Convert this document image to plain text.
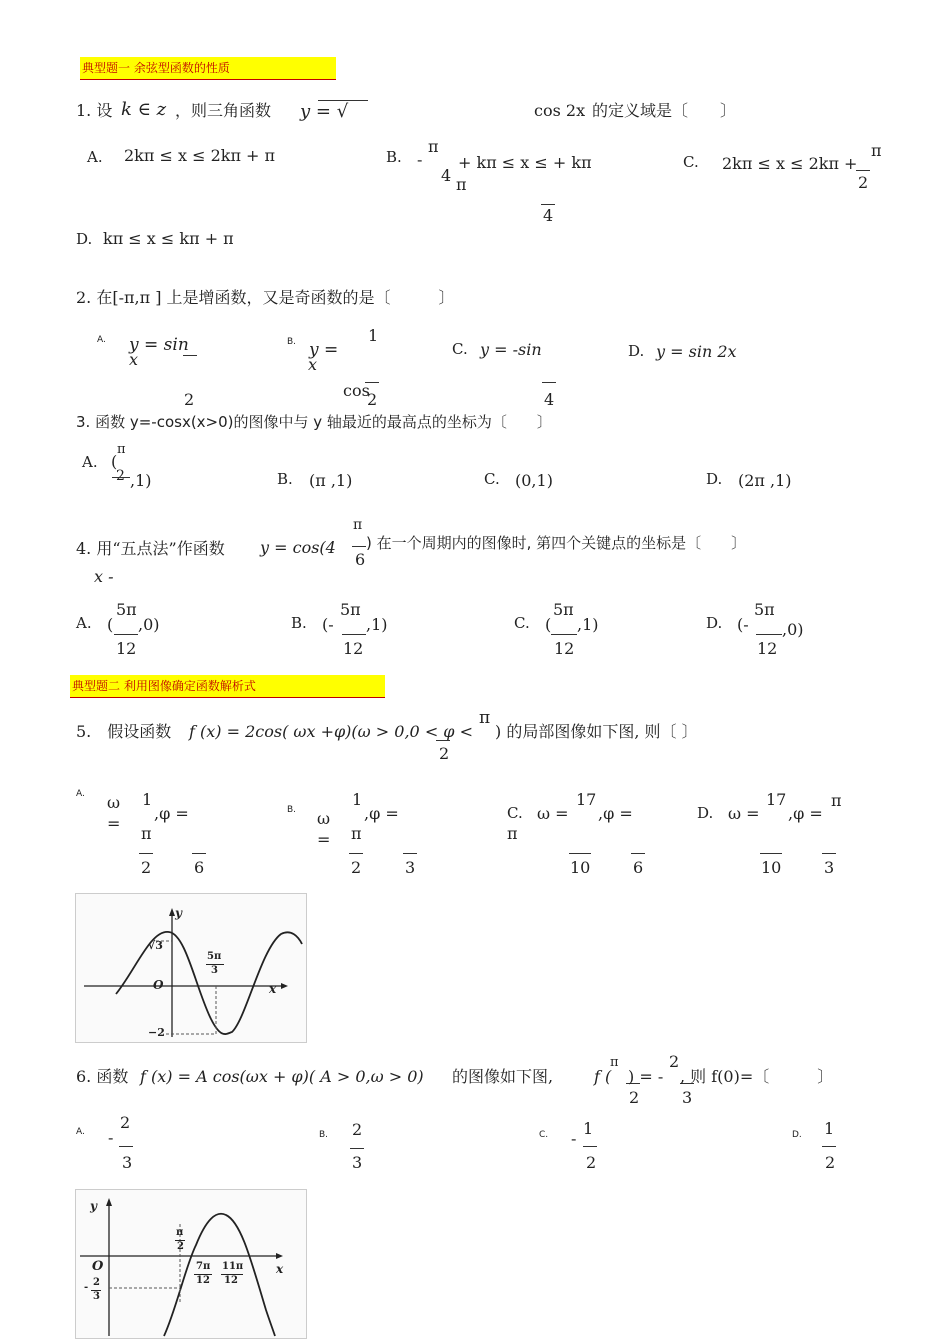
典型题一 余弦型函数的性质
1. 设 k ∈ z ，则三角函数 y = √	cos 2x 的定义域是〔　　〕
A. 2kπ ≤ x ≤ 2kπ + π	B. -
π
4 π
+ kπ ≤ x ≤ + kπ
4
C. 2kπ ≤ x ≤ 2kπ +
π
2
D. kπ ≤ x ≤ kπ + π
2. 在[-π,π ] 上是增函数，又是奇函数的是〔　　　〕
A. y = sin
x
2
B. y =
1
x
cos
2
C. y = -sin
4
D. y = sin 2x
3. 函数 y=-cosx(x>0)的图像中与 y 轴最近的最高点的坐标为〔　　〕
A. (
π
2 ,1)	B. (π ,1)	C. (0,1)	D. (2π ,1)
4. 用“五点法”作函数 y = cos(4
π
6
) 在一个周期内的图像时, 第四个关键点的坐标是〔　　〕
x -
A. (
5π
,0)
12
B. (-
5π
,1)
12
C. (
5π
,1)
12
D. (-
5π
,0)
12
典型题二 利用图像确定函数解析式
5.　假设函数 f (x) = 2cos( ωx +φ)(ω > 0,0 < φ <
π
2
) 的局部图像如下图, 则〔 〕
A. ω =
1
,φ =
π
2	6
B. ω =
1
,φ =
π
2	3
C. ω =
17
,φ =
π
10	6
D. ω =
17
,φ =
π
10	3
y
O	x
√3
−2
5π
3
6. 函数 f (x) = A cos(ωx + φ)( A > 0,ω > 0) 的图像如下图,	f (
π
2
) = -
2
3
, 则 f(0)=〔　　　〕
A. -
2
3
B. 2
3
C. -
1
2
D. 1
2
y
O	x
π
2
7π
12
11π
12
- 2
3
